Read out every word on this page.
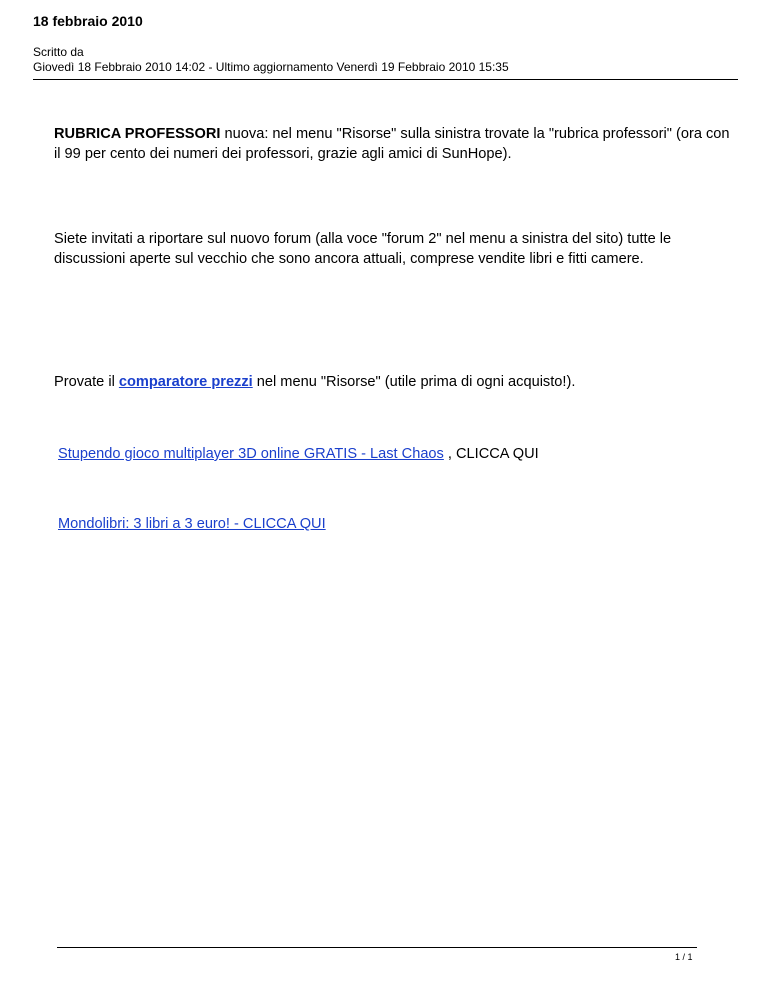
18 febbraio 2010
Scritto da
Giovedì 18 Febbraio 2010 14:02 - Ultimo aggiornamento Venerdì 19 Febbraio 2010 15:35
RUBRICA PROFESSORI nuova: nel menu "Risorse" sulla sinistra trovate la "rubrica professori" (ora con il 99 per cento dei numeri dei professori, grazie agli amici di SunHope).
Siete invitati a riportare sul nuovo forum (alla voce "forum 2" nel menu a sinistra del sito) tutte le discussioni aperte sul vecchio che sono ancora attuali, comprese vendite libri e fitti camere.
Provate il comparatore prezzi nel menu "Risorse" (utile prima di ogni acquisto!).
Stupendo gioco multiplayer 3D online GRATIS - Last Chaos , CLICCA QUI
Mondolibri: 3 libri a 3 euro! - CLICCA QUI
1 / 1
